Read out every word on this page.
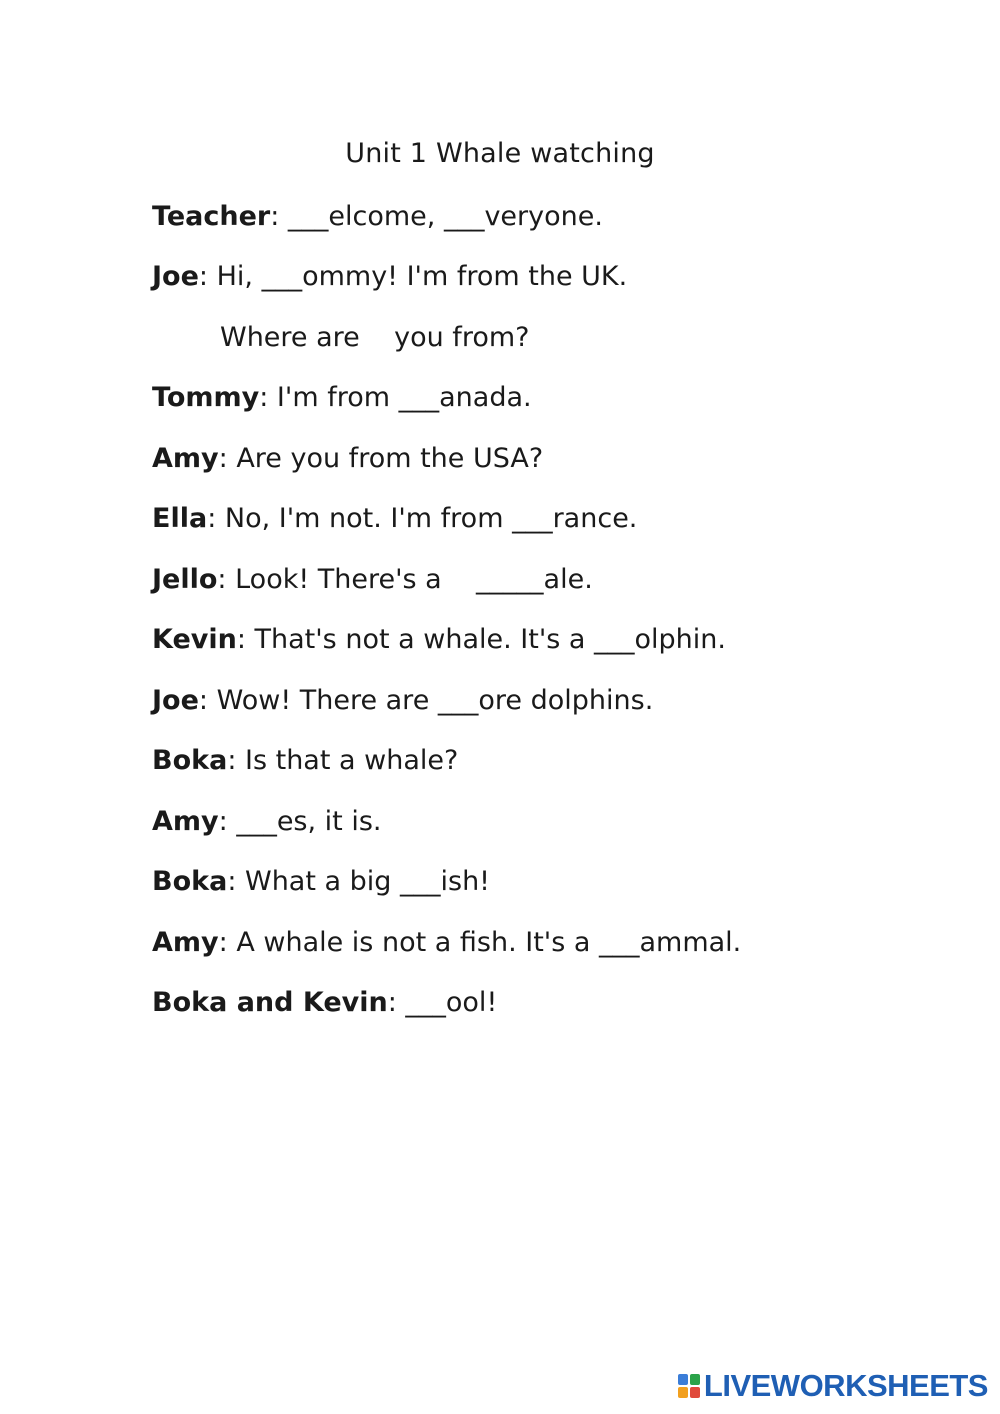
Unit 1 Whale watching
Teacher: ___elcome, ___veryone.
Joe: Hi, ___ommy! I'm from the UK.
Where are    you from?
Tommy: I'm from ___anada.
Amy: Are you from the USA?
Ella: No, I'm not. I'm from ___rance.
Jello: Look! There's a    _____ale.
Kevin: That's not a whale. It's a ___olphin.
Joe: Wow! There are ___ore dolphins.
Boka: Is that a whale?
Amy: ___es, it is.
Boka: What a big ___ish!
Amy: A whale is not a fish. It's a ___ammal.
Boka and Kevin: ___ool!
LIVEWORKSHEETS
